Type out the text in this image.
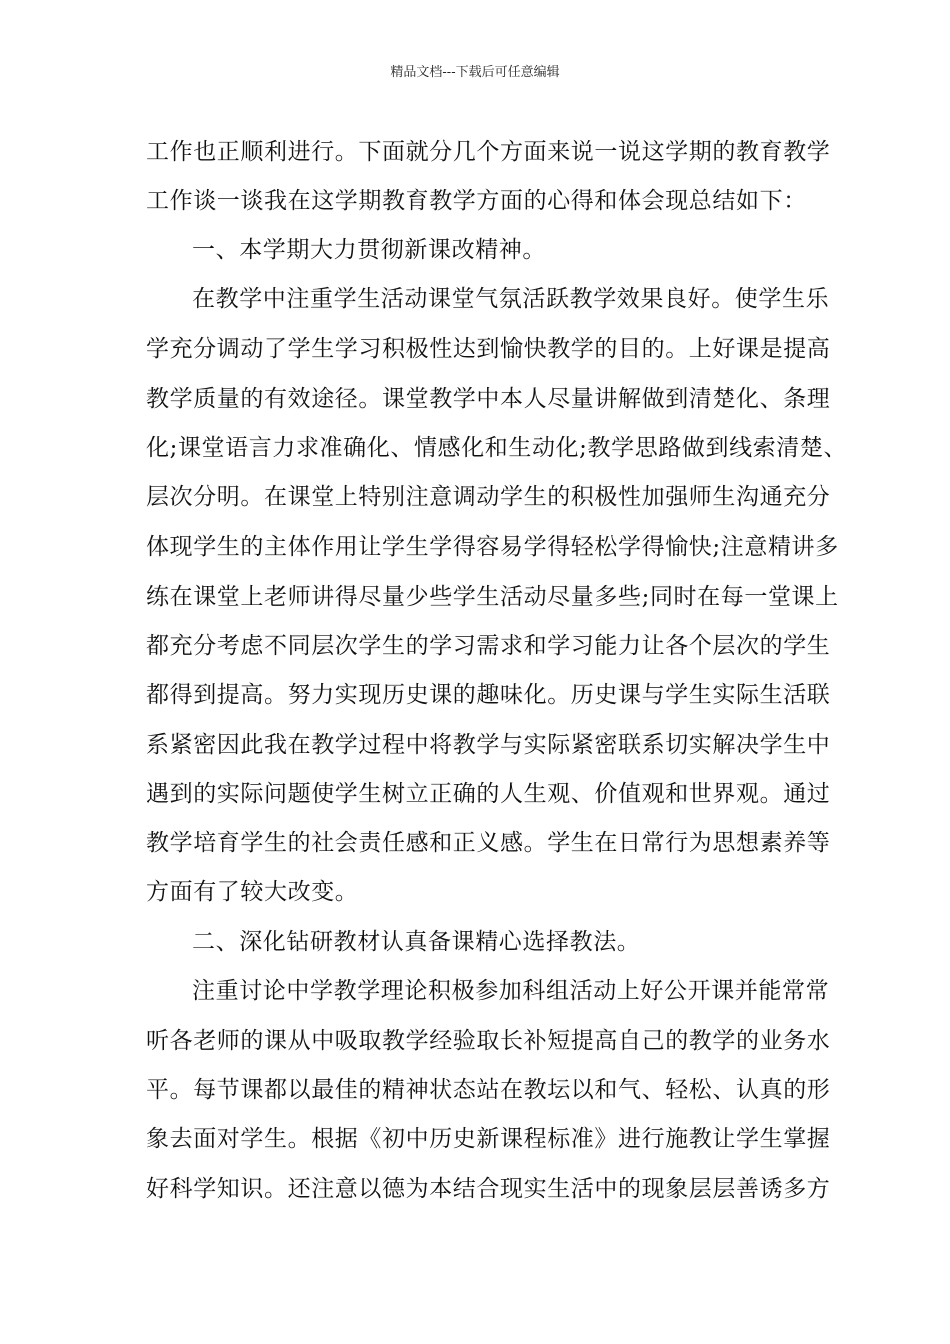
精品文档---下载后可任意编辑
工作也正顺利进行。下面就分几个方面来说一说这学期的教育教学
工作谈一谈我在这学期教育教学方面的心得和体会现总结如下：
一、本学期大力贯彻新课改精神。
在教学中注重学生活动课堂气氛活跃教学效果良好。使学生乐
学充分调动了学生学习积极性达到愉快教学的目的。上好课是提高
教学质量的有效途径。课堂教学中本人尽量讲解做到清楚化、条理
化;课堂语言力求准确化、情感化和生动化;教学思路做到线索清楚、
层次分明。在课堂上特别注意调动学生的积极性加强师生沟通充分
体现学生的主体作用让学生学得容易学得轻松学得愉快;注意精讲多
练在课堂上老师讲得尽量少些学生活动尽量多些;同时在每一堂课上
都充分考虑不同层次学生的学习需求和学习能力让各个层次的学生
都得到提高。努力实现历史课的趣味化。历史课与学生实际生活联
系紧密因此我在教学过程中将教学与实际紧密联系切实解决学生中
遇到的实际问题使学生树立正确的人生观、价值观和世界观。通过
教学培育学生的社会责任感和正义感。学生在日常行为思想素养等
方面有了较大改变。
二、深化钻研教材认真备课精心选择教法。
注重讨论中学教学理论积极参加科组活动上好公开课并能常常
听各老师的课从中吸取教学经验取长补短提高自己的教学的业务水
平。每节课都以最佳的精神状态站在教坛以和气、轻松、认真的形
象去面对学生。根据《初中历史新课程标准》进行施教让学生掌握
好科学知识。还注意以德为本结合现实生活中的现象层层善诱多方
